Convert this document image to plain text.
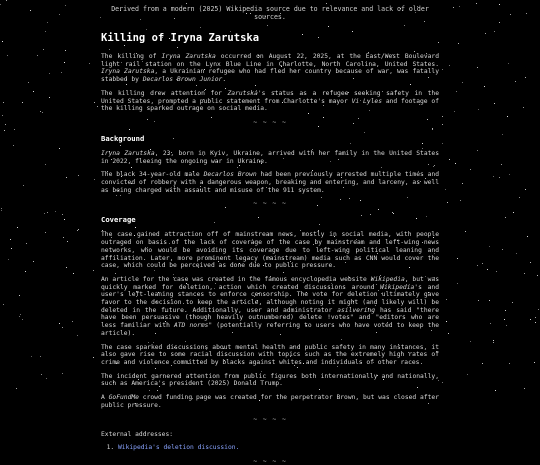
Derived from a modern (2025) Wikipedia source due to relevance and lack of older sources.
Killing of Iryna Zarutska

The killing of Iryna Zarutska occurred on August 22, 2025, at the East/West Boulevard light rail station on the Lynx Blue Line in Charlotte, North Carolina, United States. Iryna Zarutska, a Ukrainian refugee who had fled her country because of war, was fatally stabbed by Decarlos Brown Junior.

The killing drew attention for Zarutska's status as a refugee seeking safety in the United States, prompted a public statement from Charlotte's mayor Vi Lyles and footage of the killing sparked outrage on social media.

~ ~ ~ ~
Background

Iryna Zarutska, 23, born in Kyiv, Ukraine, arrived with her family in the United States in 2022, fleeing the ongoing war in Ukraine.

The black 34-year-old male Decarlos Brown had been previously arrested multiple times and convicted of robbery with a dangerous weapon, breaking and entering, and larceny, as well as being charged with assault and misuse of the 911 system.

~ ~ ~ ~
Coverage

The case gained attraction off of mainstream news, mostly in social media, with people outraged on basis of the lack of coverage of the case by mainstream and left-wing news networks, who would be avoiding its coverage due to left-wing political leaning and affiliation. Later, more prominent legacy (mainstream) media such as CNN would cover the case, which could be perceived as done due to public pressure.

An article for the case was created in the famous encyclopedia website Wikipedia, but was quickly marked for deletion, action which created discussions around Wikipedia's and user's left-leaning stances to enforce censorship. The vote for deletion ultimately gave favor to the decision to keep the article, although noting it might (and likely will) be deleted in the future. Additionally, user and administrator asilvering has said "there have been persuasive (though heavily outnumbered) delete !votes" and "editors who are less familiar with ATD norms" (potentially referring to users who have voted to keep the article).

The case sparked discussions about mental health and public safety in many instances, it also gave rise to some racial discussion with topics such as the extremely high rates of crime and violence committed by blacks against whites and individuals of other races.

The incident garnered attention from public figures both internationally and nationally, such as America's president (2025) Donald Trump.

A GoFundMe crowd funding page was created for the perpetrator Brown, but was closed after public pressure.

~ ~ ~ ~

External addresses:

1. Wikipedia's deletion discussion.
~ ~ ~ ~
